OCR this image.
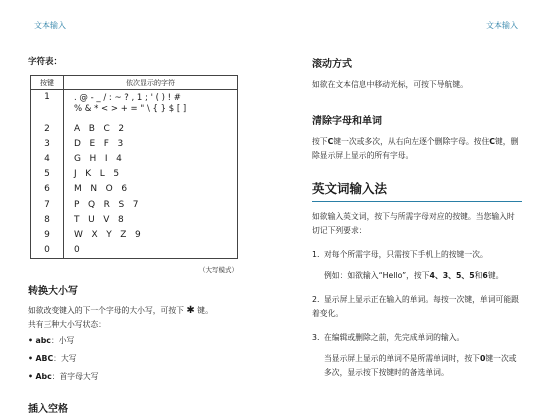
文本输入	文本输入
字符表：
按键	依次显示的字符
1	. @ - _ / : ~ ? , 1 ; ' ( ) ! #
% & * < > + = " \ { } $ [ ]

2	A   B   C   2
3	D   E   F   3
4	G   H   I   4
5	J   K   L   5
6	M   N   O   6
7	P   Q   R   S   7
8	T   U   V   8
9	W   X   Y   Z   9
0	0
（大写模式）
转换大小写

如欲改变键入的下一个字母的大小写，可按下 ✱ 键。

共有三种大小写状态：

• abc：小写
• ABC：大写
• Abc：首字母大写
插入空格
滚动方式

如欲在文本信息中移动光标，可按下导航键。

清除字母和单词

按下C键一次或多次，从右向左逐个删除字母。按住C键，删除显示屏上显示的所有字母。

英文词输入法

如欲输入英文词，按下与所需字母对应的按键。当您输入时切记下列要求：

1. 对每个所需字母，只需按下手机上的按键一次。
例如：如欲输入“Hello”，按下4、3、5、5和6键。
2. 显示屏上显示正在输入的单词。每按一次键，单词可能跟着变化。
3. 在编辑或删除之前，先完成单词的输入。
当显示屏上显示的单词不是所需单词时，按下0键一次或多次，显示按下按键时的备选单词。
